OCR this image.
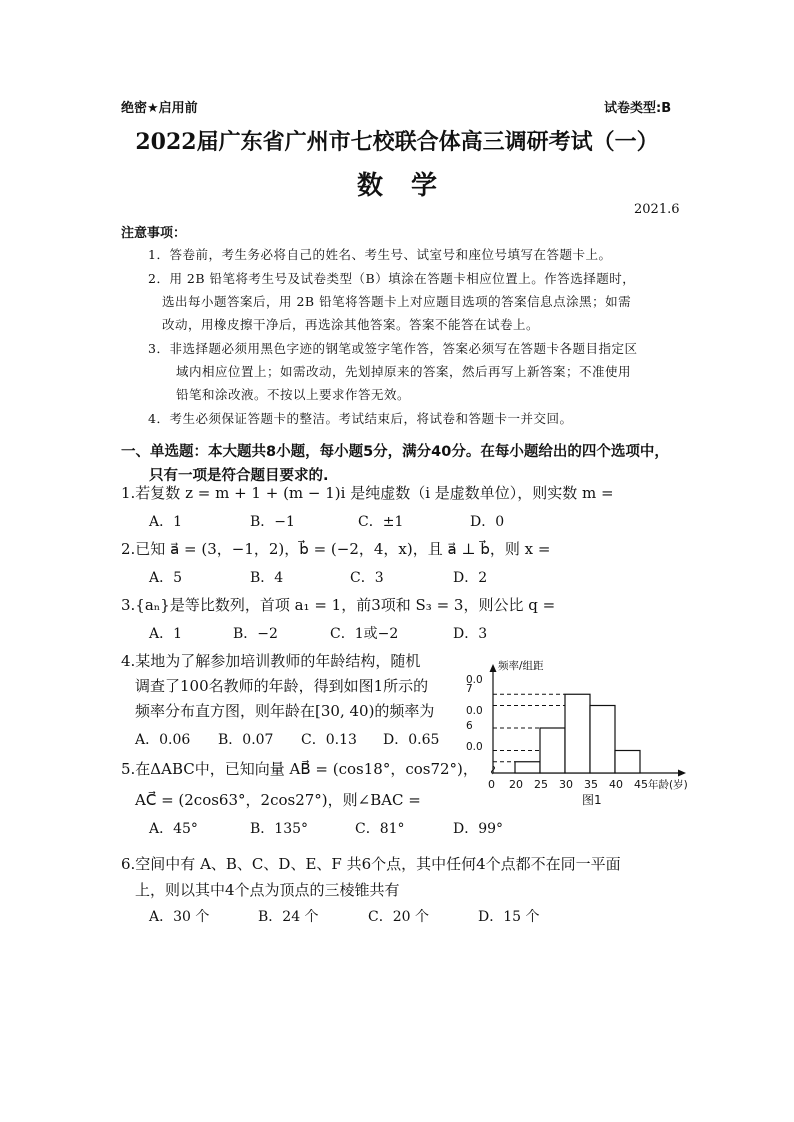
绝密★启用前	试卷类型:B
2022届广东省广州市七校联合体高三调研考试（一）
数学
2021.6
注意事项：
1．答卷前，考生务必将自己的姓名、考生号、试室号和座位号填写在答题卡上。
2．用 2B 铅笔将考生号及试卷类型（B）填涂在答题卡相应位置上。作答选择题时，
选出每小题答案后，用 2B 铅笔将答题卡上对应题目选项的答案信息点涂黑；如需
改动，用橡皮擦干净后，再选涂其他答案。答案不能答在试卷上。
3．非选择题必须用黑色字迹的钢笔或签字笔作答，答案必须写在答题卡各题目指定区
域内相应位置上；如需改动，先划掉原来的答案，然后再写上新答案；不准使用
铅笔和涂改液。不按以上要求作答无效。
4．考生必须保证答题卡的整洁。考试结束后，将试卷和答题卡一并交回。
一、单选题：本大题共8小题，每小题5分，满分40分。在每小题给出的四个选项中，
只有一项是符合题目要求的.
1.若复数 z = m + 1 + (m − 1)i 是纯虚数（i 是虚数单位），则实数 m =
A．1	B．−1	C．±1	D．0
2.已知 a⃗ = (3，−1，2)，b⃗ = (−2，4，x)，且 a⃗ ⊥ b⃗，则 x =
A．5	B．4	C．3	D．2
3.{aₙ}是等比数列，首项 a₁ = 1，前3项和 S₃ = 3，则公比 q =
A．1	B．−2	C．1或−2	D．3
4.某地为了解参加培训教师的年龄结构，随机
调查了100名教师的年龄，得到如图1所示的
频率分布直方图，则年龄在[30, 40)的频率为
A．0.06 B．0.07 C．0.13 D．0.65
5.在ΔABC中，已知向量 AB⃗ = (cos18°，cos72°)，
AC⃗ = (2cos63°，2cos27°)，则∠BAC =
A．45°	B．135°	C．81°	D．99°
6.空间中有 A、B、C、D、E、F 共6个点，其中任何4个点都不在同一平面
上，则以其中4个点为顶点的三棱锥共有
A．30 个	B．24 个	C．20 个	D．15 个
0.0
7
0.0
6
0.0
0 20 25 30 35 40 45
频率/组距
年龄(岁)
图1
